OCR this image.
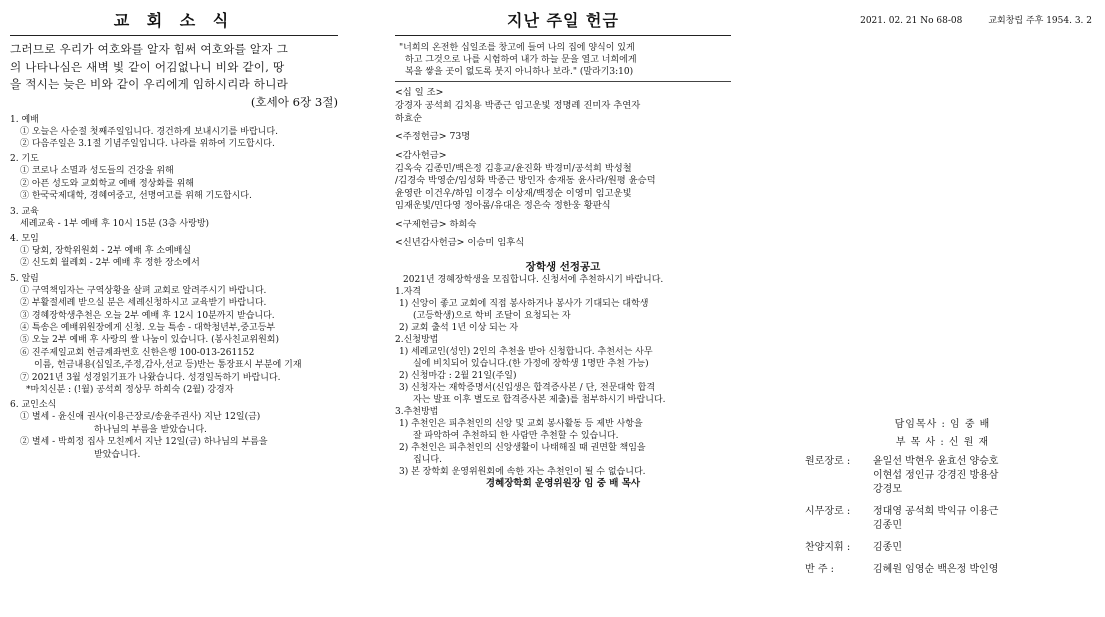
교 회 소 식
그러므로 우리가 여호와를 알자 힘써 여호와를 알자 그
의 나타나심은 새벽 빛 같이 어김없나니 비와 같이, 땅
을 적시는 늦은 비와 같이 우리에게 임하시리라 하니라
(호세아 6장 3절)
1. 예배
① 오늘은 사순절 첫째주일입니다. 경건하게 보내시기를 바랍니다.
② 다음주일은 3.1절 기념주일입니다. 나라를 위하여 기도합시다.
2. 기도
① 코로나 소멸과 성도들의 건강을 위해
② 아픈 성도와 교회학교 예배 정상화를 위해
③ 한국국제대학, 경혜여중고, 선명여고를 위해 기도합시다.
3. 교육
세례교육 - 1부 예배 후 10시 15분 (3층 사랑방)
4. 모임
① 당회, 장학위원회 - 2부 예배 후 소예배실
② 신도회 월례회 - 2부 예배 후 정한 장소에서
5. 알림
① 구역책임자는 구역상황을 살펴 교회로 알려주시기 바랍니다.
② 부활절세례 받으실 분은 세례신청하시고 교육받기 바랍니다.
③ 경혜장학생추천은 오늘 2부 예배 후 12시 10분까지 받습니다.
④ 특송은 예배위원장에게 신청. 오늘 특송 - 대학청년부,중고등부
⑤ 오늘 2부 예배 후 사랑의 쌀 나눔이 있습니다. (봉사친교위원회)
⑥ 진주제일교회 헌금계좌번호 신한은행 100-013-261152
이름, 헌금내용(십일조,주정,감사,선교 등)반는 통장표시 부분에 기재
⑦ 2021년 3월 성경읽기표가 나왔습니다. 성경일독하기 바랍니다.
*마치신분 : (!월) 공석희 정상무 하희숙 (2월) 강경자
6. 교인소식
① 별세 - 윤신애 권사(이용근장로/송윤주권사) 지난 12일(금)
하나님의 부름을 받았습니다.
② 별세 - 박희정 집사 모친께서 지난 12일(금) 하나님의 부름을
받았습니다.
지난 주일 헌금
"너희의 온전한 십일조를 창고에 들여 나의 집에 양식이 있게
하고 그것으로 나를 시험하여 내가 하늘 문을 열고 너희에게
복을 쌓을 곳이 없도록 붓지 아니하나 보라." (말라기3:10)
<십 일 조>
강경자 공석희 김치용 박종근 임고운빛 정명례 진미자 추연자
하효순
<주정헌금> 73명
<감사헌금>
김옥숙 김종민/백은정 김흥교/윤진화 박경미/공석희 박성철
/김경숙 박영순/임성화 박종근 방인자 송재동 윤사라/원평 윤승덕
윤영란 이건우/하임 이경수 이상재/백정순 이영미 임고운빛
임재운빛/민다영 정아롬/유대은 정은숙 정한웅 황판식
<구제헌금> 하희숙
<신년감사헌금> 이승미 임후식
장학생 선정공고
2021년 경혜장학생을 모집합니다. 신청서에 추천하시기 바랍니다.
1.자격
1) 신앙이 좋고 교회에 직접 봉사하거나 봉사가 기대되는 대학생
(고등학생)으로 학비 조달이 요청되는 자
2) 교회 출석 1년 이상 되는 자
2.신청방법
1) 세례교인(성인) 2인의 추천을 받아 신청합니다. 추천서는 사무
실에 비치되어 있습니다.(한 가정에 장학생 1명만 추천 가능)
2) 신청마감 : 2월 21일(주일)
3) 신청자는 재학증명서(신입생은 합격증사본 / 단, 전문대학 합격
자는 발표 이후 별도로 합격증사본 제출)를 첨부하시기 바랍니다.
3.추천방법
1) 추천인은 피추천인의 신앙 및 교회 봉사활동 등 제반 사항을
잘 파악하여 추천하되 한 사람만 추천할 수 있습니다.
2) 추천인은 피추천인의 신앙생활이 나태해질 때 권면할 책임을
집니다.
3) 본 장학회 운영위원회에 속한 자는 추천인이 될 수 없습니다.
경혜장학회 운영위원장 임 중 배 목사
2021. 02. 21 No 68-08	교회창립 주후 1954. 3. 2
담임목사 : 임 중 배
부 목 사 : 신 원 재
원로장로 :	윤일선 박현우 윤효선 양승호
이현섭 정인규 강경진 방용삼
강경모
시무장로 :	정대영 공석희 박익규 이용근
김종민
찬양지휘 :	김종민
반 주 :	김혜원 임영순 백은정 박인영
